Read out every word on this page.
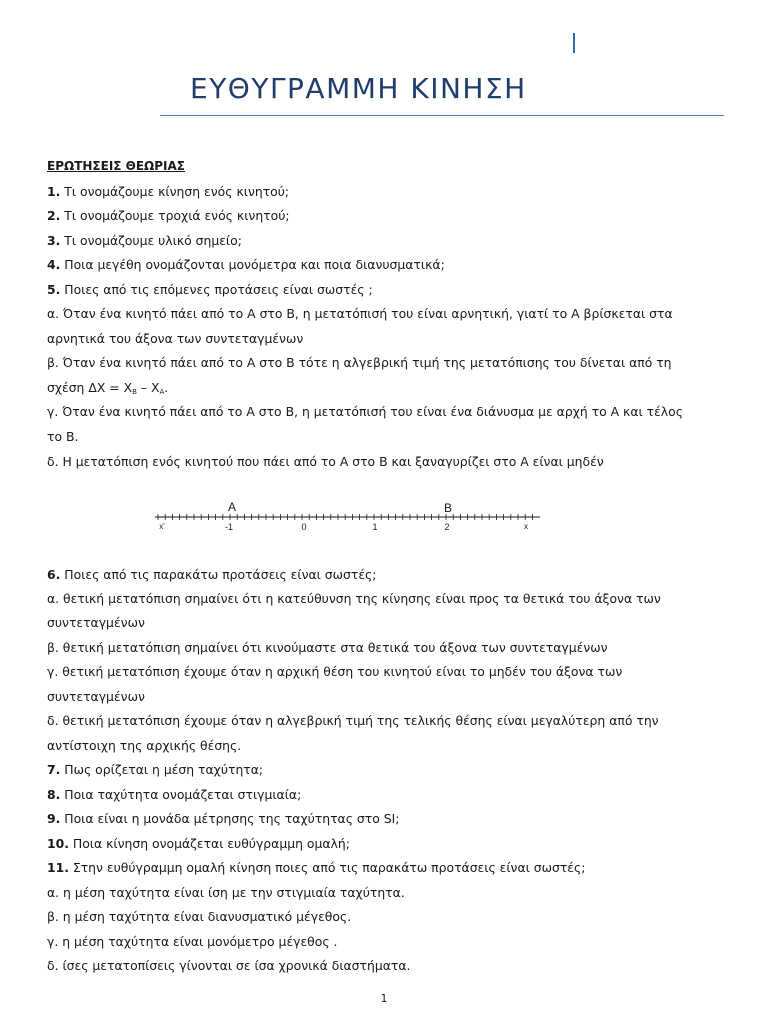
ΕΥΘΥΓΡΑΜΜΗ ΚΙΝΗΣΗ
ΕΡΩΤΗΣΕΙΣ ΘΕΩΡΙΑΣ

1. Τι ονομάζουμε κίνηση ενός κινητού;

2. Τι ονομάζουμε τροχιά ενός κινητού;

3. Τι ονομάζουμε υλικό σημείο;

4. Ποια μεγέθη ονομάζονται μονόμετρα και ποια διανυσματικά;

5. Ποιες από τις επόμενες προτάσεις είναι σωστές ;

α. Όταν ένα κινητό πάει από το Α στο Β, η μετατόπισή του είναι αρνητική, γιατί το Α βρίσκεται στα

αρνητικά του άξονα των συντεταγμένων

β. Όταν ένα κινητό πάει από το Α στο Β τότε η αλγεβρική τιμή της μετατόπισης του δίνεται από τη

σχέση $\Delta X = X_B - X_A$.

γ. Όταν ένα κινητό πάει από το Α στο Β, η μετατόπισή του είναι ένα διάνυσμα με αρχή το Α και τέλος

το Β.

δ. Η μετατόπιση ενός κινητού που πάει από το Α στο Β και ξαναγυρίζει στο Α είναι μηδέν

6. Ποιες από τις παρακάτω προτάσεις είναι σωστές;

α. θετική μετατόπιση σημαίνει ότι η κατεύθυνση της κίνησης είναι προς τα θετικά του άξονα των

συντεταγμένων

β. θετική μετατόπιση σημαίνει ότι κινούμαστε στα θετικά του άξονα των συντεταγμένων

γ. θετική μετατόπιση έχουμε όταν η αρχική θέση του κινητού είναι το μηδέν του άξονα των

συντεταγμένων

δ. θετική μετατόπιση έχουμε όταν η αλγεβρική τιμή της τελικής θέσης είναι μεγαλύτερη από την

αντίστοιχη της αρχικής θέσης.

7. Πως ορίζεται η μέση ταχύτητα;

8. Ποια ταχύτητα ονομάζεται στιγμιαία;

9. Ποια είναι η μονάδα μέτρησης της ταχύτητας στο SI;

10. Ποια κίνηση ονομάζεται ευθύγραμμη ομαλή;

11. Στην ευθύγραμμη ομαλή κίνηση ποιες από τις παρακάτω προτάσεις είναι σωστές;

α. η μέση ταχύτητα είναι ίση με την στιγμιαία ταχύτητα.

β. η μέση ταχύτητα είναι διανυσματικό μέγεθος.

γ. η μέση ταχύτητα είναι μονόμετρο μέγεθος .

δ. ίσες μετατοπίσεις γίνονται σε ίσα χρονικά διαστήματα.

A	B
x'	x
-1	0	1	2
1
